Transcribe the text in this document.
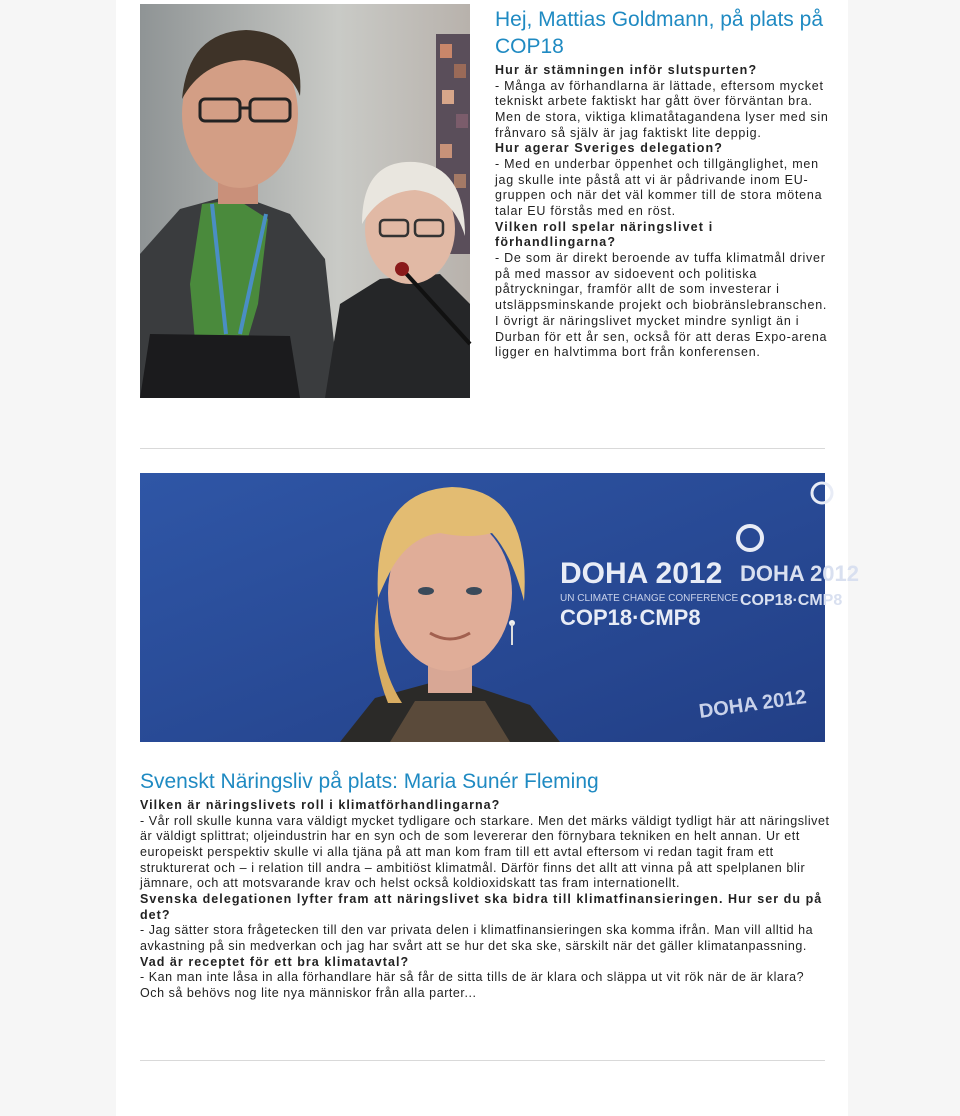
Hej, Mattias Goldmann, på plats på COP18

Hur är stämningen inför slutspurten?

- Många av förhandlarna är lättade, eftersom mycket tekniskt arbete faktiskt har gått över förväntan bra. Men de stora, viktiga klimatåtagandena lyser med sin frånvaro så själv är jag faktiskt lite deppig.

Hur agerar Sveriges delegation?

- Med en underbar öppenhet och tillgänglighet, men jag skulle inte påstå att vi är pådrivande inom EU-gruppen och när det väl kommer till de stora mötena talar EU förstås med en röst.

Vilken roll spelar näringslivet i förhandlingarna?

- De som är direkt beroende av tuffa klimatmål driver på med massor av sidoevent och politiska påtryckningar, framför allt de som investerar i utsläppsminskande projekt och biobränslebranschen. I övrigt är näringslivet mycket mindre synligt än i Durban för ett år sen, också för att deras Expo-arena ligger en halvtimma bort från konferensen.

DOHA 2012
UN CLIMATE CHANGE CONFERENCE
COP18·CMP8
DOHA 2012
COP18·CMP8
DOHA 2012
Svenskt Näringsliv på plats: Maria Sunér Fleming

Vilken är näringslivets roll i klimatförhandlingarna?

- Vår roll skulle kunna vara väldigt mycket tydligare och starkare. Men det märks väldigt tydligt här att näringslivet är väldigt splittrat; oljeindustrin har en syn och de som levererar den förnybara tekniken en helt annan. Ur ett europeiskt perspektiv skulle vi alla tjäna på att man kom fram till ett avtal eftersom vi redan tagit fram ett strukturerat och – i relation till andra – ambitiöst klimatmål. Därför finns det allt att vinna på att spelplanen blir jämnare, och att motsvarande krav och helst också koldioxidskatt tas fram internationellt.

Svenska delegationen lyfter fram att näringslivet ska bidra till klimatfinansieringen. Hur ser du på det?

- Jag sätter stora frågetecken till den var privata delen i klimatfinansieringen ska komma ifrån. Man vill alltid ha avkastning på sin medverkan och jag har svårt att se hur det ska ske, särskilt när det gäller klimatanpassning.

Vad är receptet för ett bra klimatavtal?

- Kan man inte låsa in alla förhandlare här så får de sitta tills de är klara och släppa ut vit rök när de är klara? Och så behövs nog lite nya människor från alla parter...
